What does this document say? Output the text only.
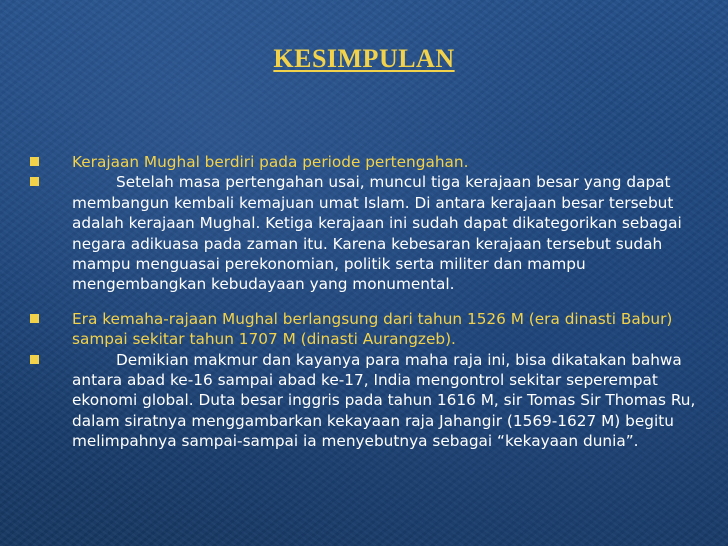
KESIMPULAN
Kerajaan Mughal berdiri pada periode pertengahan.
Setelah masa pertengahan usai, muncul tiga kerajaan besar yang dapat membangun kembali kemajuan umat Islam. Di antara kerajaan besar tersebut adalah kerajaan Mughal. Ketiga kerajaan ini sudah dapat dikategorikan sebagai negara adikuasa pada zaman itu. Karena kebesaran kerajaan tersebut sudah mampu menguasai perekonomian, politik serta militer dan mampu mengembangkan kebudayaan yang monumental.
Era kemaha-rajaan Mughal berlangsung dari tahun 1526 M (era dinasti Babur) sampai sekitar tahun 1707 M (dinasti Aurangzeb).
Demikian makmur dan kayanya para maha raja ini, bisa dikatakan bahwa antara abad ke-16 sampai abad ke-17, India mengontrol sekitar seperempat ekonomi global. Duta besar inggris pada tahun 1616 M, sir Tomas Sir Thomas Ru, dalam siratnya menggambarkan kekayaan raja Jahangir (1569-1627 M) begitu melimpahnya sampai-sampai ia menyebutnya sebagai “kekayaan dunia”.
